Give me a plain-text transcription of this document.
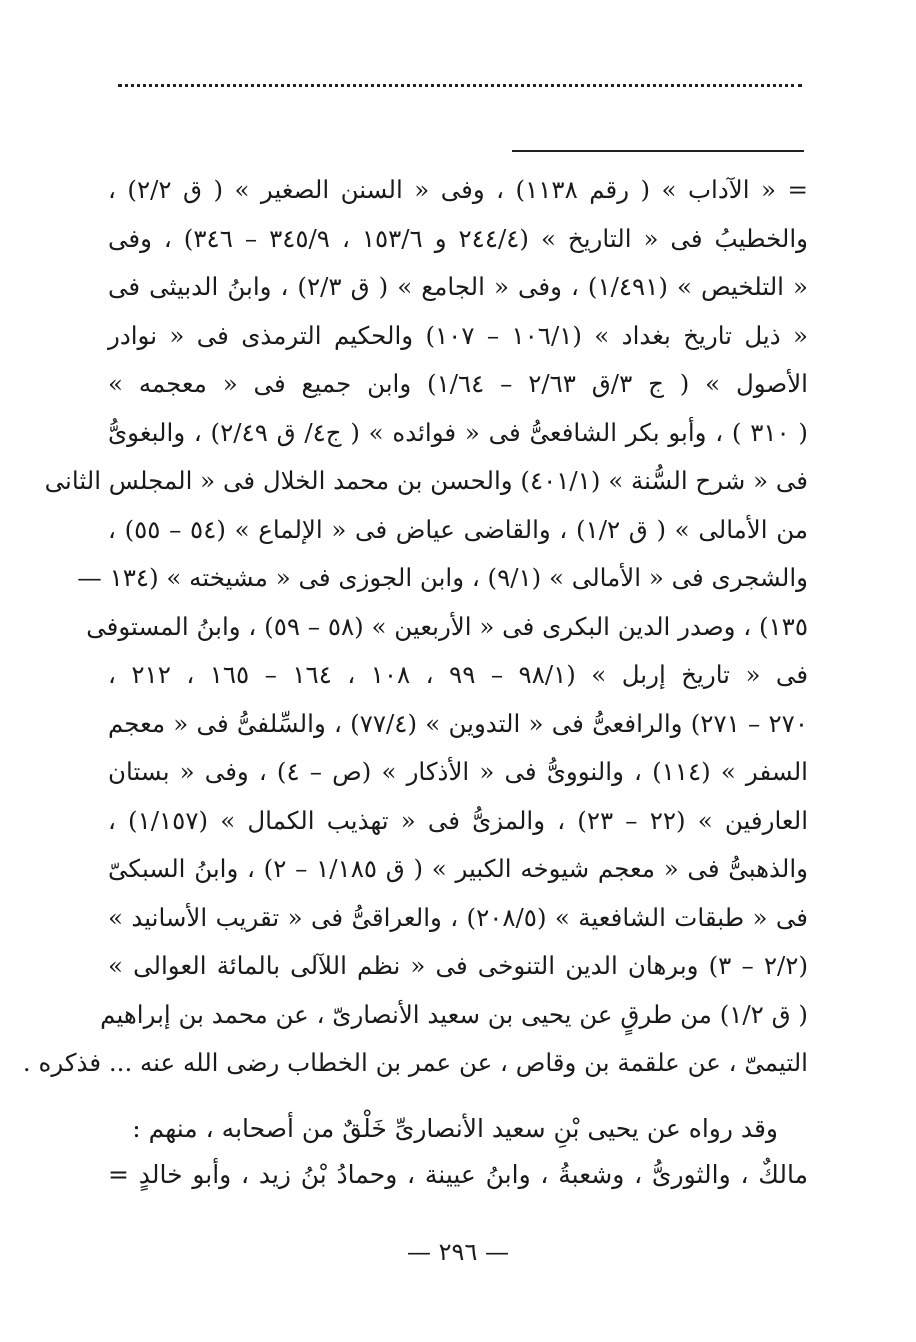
= « الآداب » ( رقم ١١٣٨) ، وفى « السنن الصغير » ( ق ٢/٢) ،
والخطيبُ فى « التاريخ » (٢٤٤/٤ و ١٥٣/٦ ، ٣٤٥/٩ – ٣٤٦) ، وفى
« التلخيص » (١/٤٩١) ، وفى « الجامع » ( ق ٢/٣) ، وابنُ الدبيثى فى
« ذيل تاريخ بغداد » (١٠٦/١ – ١٠٧) والحكيم الترمذى فى « نوادر
الأصول » ( ج ٣/ق ٢/٦٣ – ١/٦٤) وابن جميع فى « معجمه »
( ٣١٠ ) ، وأبو بكر الشافعىُّ فى « فوائده » ( ج٤/ ق ٢/٤٩) ، والبغوىُّ
فى « شرح السُّنة » (٤٠١/١) والحسن بن محمد الخلال فى « المجلس الثانى
من الأمالى » ( ق ١/٢) ، والقاضى عياض فى « الإلماع » (٥٤ – ٥٥) ،
والشجرى فى « الأمالى » (٩/١) ، وابن الجوزى فى « مشيخته » (١٣٤ —
١٣٥) ، وصدر الدين البكرى فى « الأربعين » (٥٨ – ٥٩) ، وابنُ المستوفى
فى « تاريخ إربل » (٩٨/١ – ٩٩ ، ١٠٨ ، ١٦٤ – ١٦٥ ، ٢١٢ ،
٢٧٠ – ٢٧١) والرافعىُّ فى « التدوين » (٧٧/٤) ، والسِّلفىُّ فى « معجم
السفر » (١١٤) ، والنووىُّ فى « الأذكار » (ص – ٤) ، وفى « بستان
العارفين » (٢٢ – ٢٣) ، والمزىُّ فى « تهذيب الكمال » (١/١٥٧) ،
والذهبىُّ فى « معجم شيوخه الكبير » ( ق ١/١٨٥ – ٢) ، وابنُ السبكىّ
فى « طبقات الشافعية » (٢٠٨/٥) ، والعراقىُّ فى « تقريب الأسانيد »
(٢/٢ – ٣) وبرهان الدين التنوخى فى « نظم اللآلى بالمائة العوالى »
( ق ١/٢) من طرقٍ عن يحيى بن سعيد الأنصارىّ ، عن محمد بن إبراهيم
التيمىّ ، عن علقمة بن وقاص ، عن عمر بن الخطاب رضى الله عنه ... فذكره .
وقد رواه عن يحيى بْنِ سعيد الأنصارىِّ خَلْقٌ من أصحابه ، منهم :
مالكٌ ، والثورىُّ ، وشعبةُ ، وابنُ عيينة ، وحمادُ بْنُ زيد ، وأبو خالدٍ =
— ٢٩٦ —
